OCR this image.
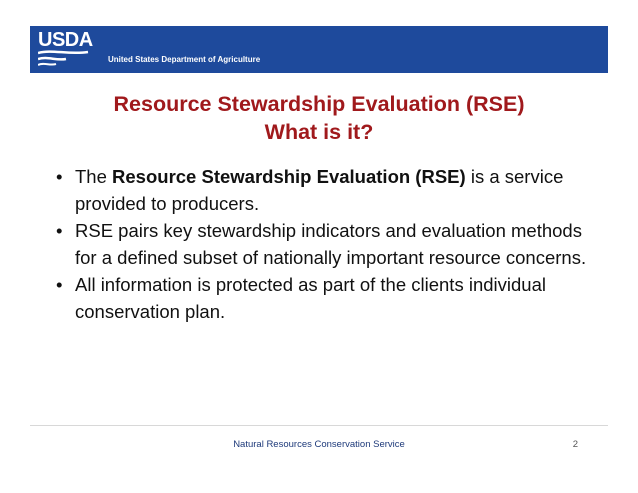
USDA
United States Department of Agriculture
Resource Stewardship Evaluation (RSE)
What is it?
• The Resource Stewardship Evaluation (RSE) is a service provided to producers.
• RSE pairs key stewardship indicators and evaluation methods for a defined subset of nationally important resource concerns.
• All information is protected as part of the clients individual conservation plan.
Natural Resources Conservation Service	2
